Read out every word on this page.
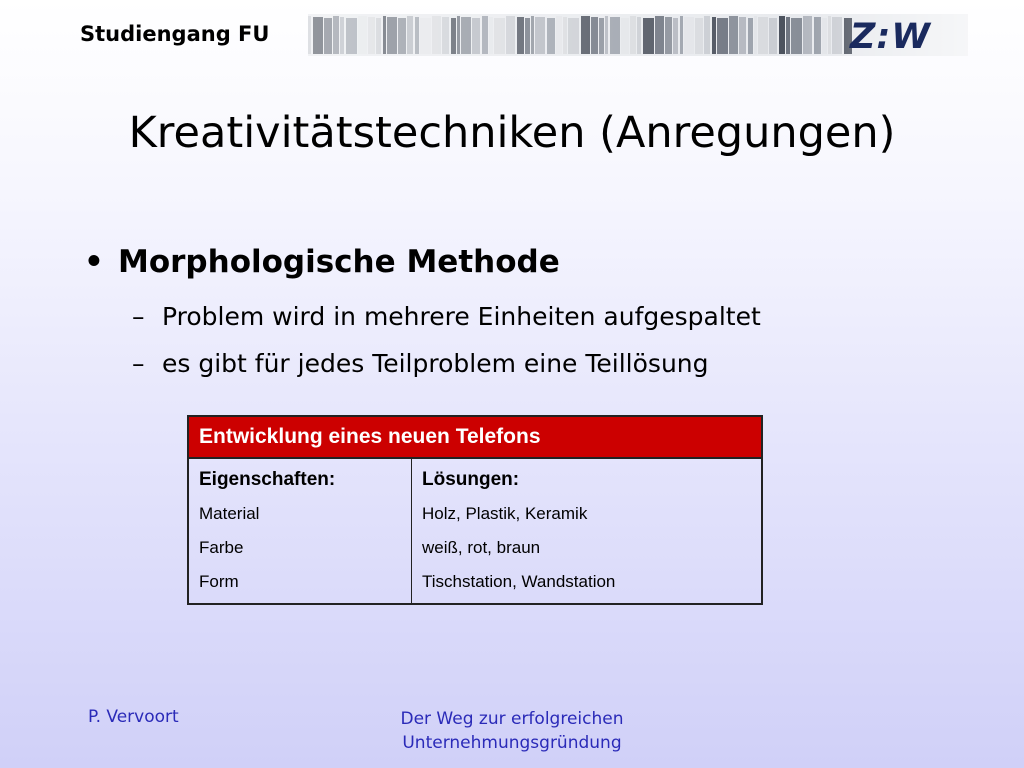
Studiengang FU	Z:W
Kreativitätstechniken (Anregungen)
• Morphologische Methode
– Problem wird in mehrere Einheiten aufgespaltet
– es gibt für jedes Teilproblem eine Teillösung
Entwicklung eines neuen Telefons	
Eigenschaften:	Lösungen:
Material	Holz, Plastik, Keramik
Farbe	weiß, rot, braun
Form	Tischstation, Wandstation
P. Vervoort	Der Weg zur erfolgreichen
Unternehmungsgründung
